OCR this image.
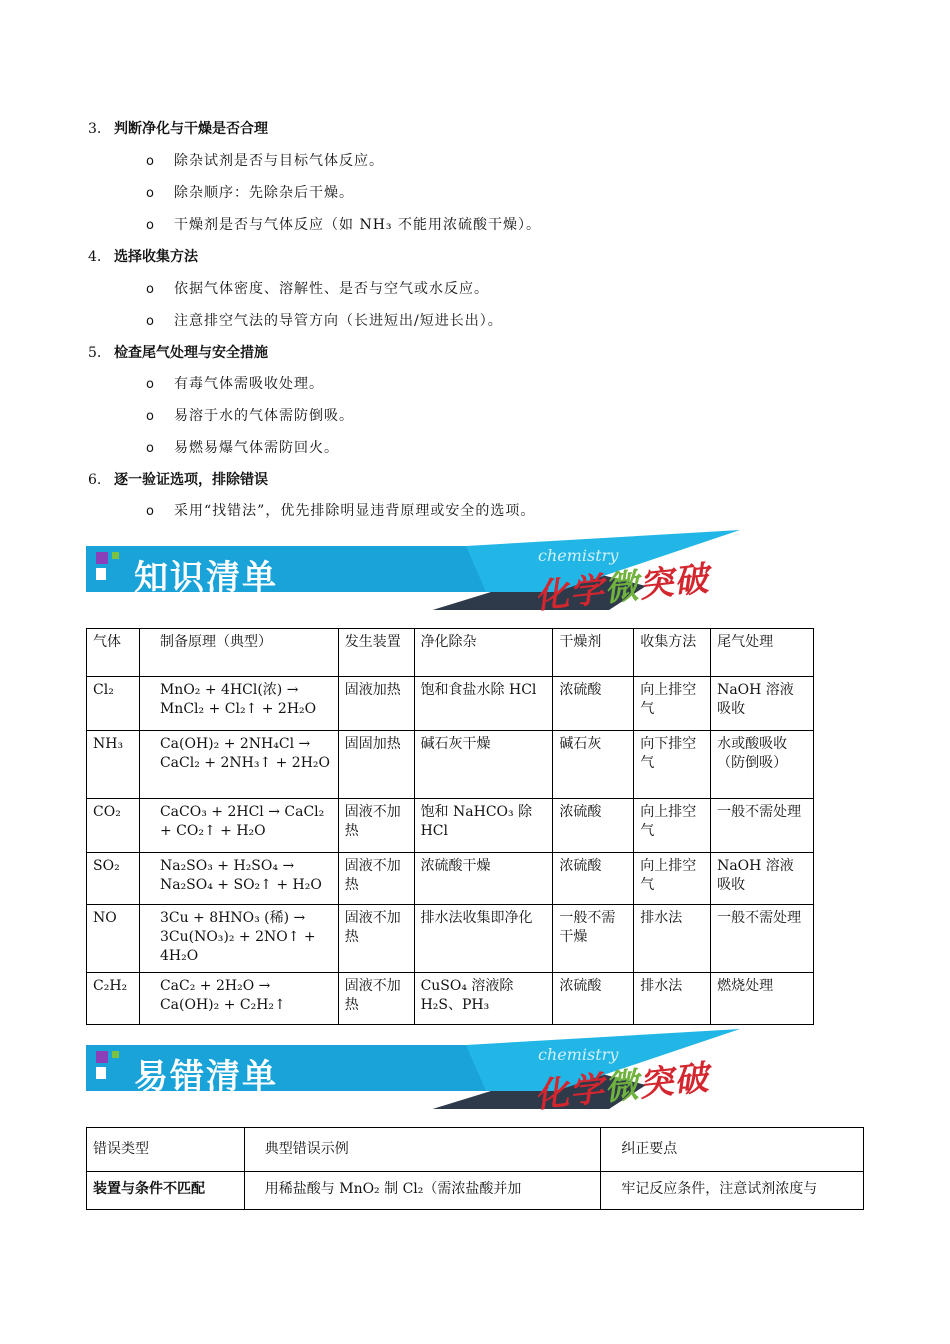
3. 判断净化与干燥是否合理
o 除杂试剂是否与目标气体反应。
o 除杂顺序：先除杂后干燥。
o 干燥剂是否与气体反应（如 NH₃ 不能用浓硫酸干燥）。
4. 选择收集方法
o 依据气体密度、溶解性、是否与空气或水反应。
o 注意排空气法的导管方向（长进短出/短进长出）。
5. 检查尾气处理与安全措施
o 有毒气体需吸收处理。
o 易溶于水的气体需防倒吸。
o 易燃易爆气体需防回火。
6. 逐一验证选项，排除错误
o 采用“找错法”，优先排除明显违背原理或安全的选项。
知识清单
chemistry
化学微突破
气体	制备原理（典型）	发生装置	净化除杂	干燥剂	收集方法	尾气处理
Cl₂	MnO₂ + 4HCl(浓) → MnCl₂ + Cl₂↑ + 2H₂O	固液加热	饱和食盐水除 HCl	浓硫酸	向上排空气	NaOH 溶液吸收
NH₃	Ca(OH)₂ + 2NH₄Cl → CaCl₂ + 2NH₃↑ + 2H₂O	固固加热	碱石灰干燥	碱石灰	向下排空气	水或酸吸收（防倒吸）
CO₂	CaCO₃ + 2HCl → CaCl₂ + CO₂↑ + H₂O	固液不加热	饱和 NaHCO₃ 除 HCl	浓硫酸	向上排空气	一般不需处理
SO₂	Na₂SO₃ + H₂SO₄ → Na₂SO₄ + SO₂↑ + H₂O	固液不加热	浓硫酸干燥	浓硫酸	向上排空气	NaOH 溶液吸收
NO	3Cu + 8HNO₃ (稀) → 3Cu(NO₃)₂ + 2NO↑ + 4H₂O	固液不加热	排水法收集即净化	一般不需干燥	排水法	一般不需处理
C₂H₂	CaC₂ + 2H₂O → Ca(OH)₂ + C₂H₂↑	固液不加热	CuSO₄ 溶液除 H₂S、PH₃	浓硫酸	排水法	燃烧处理
易错清单
chemistry
化学微突破
错误类型	典型错误示例	纠正要点
装置与条件不匹配	用稀盐酸与 MnO₂ 制 Cl₂（需浓盐酸并加	牢记反应条件，注意试剂浓度与
